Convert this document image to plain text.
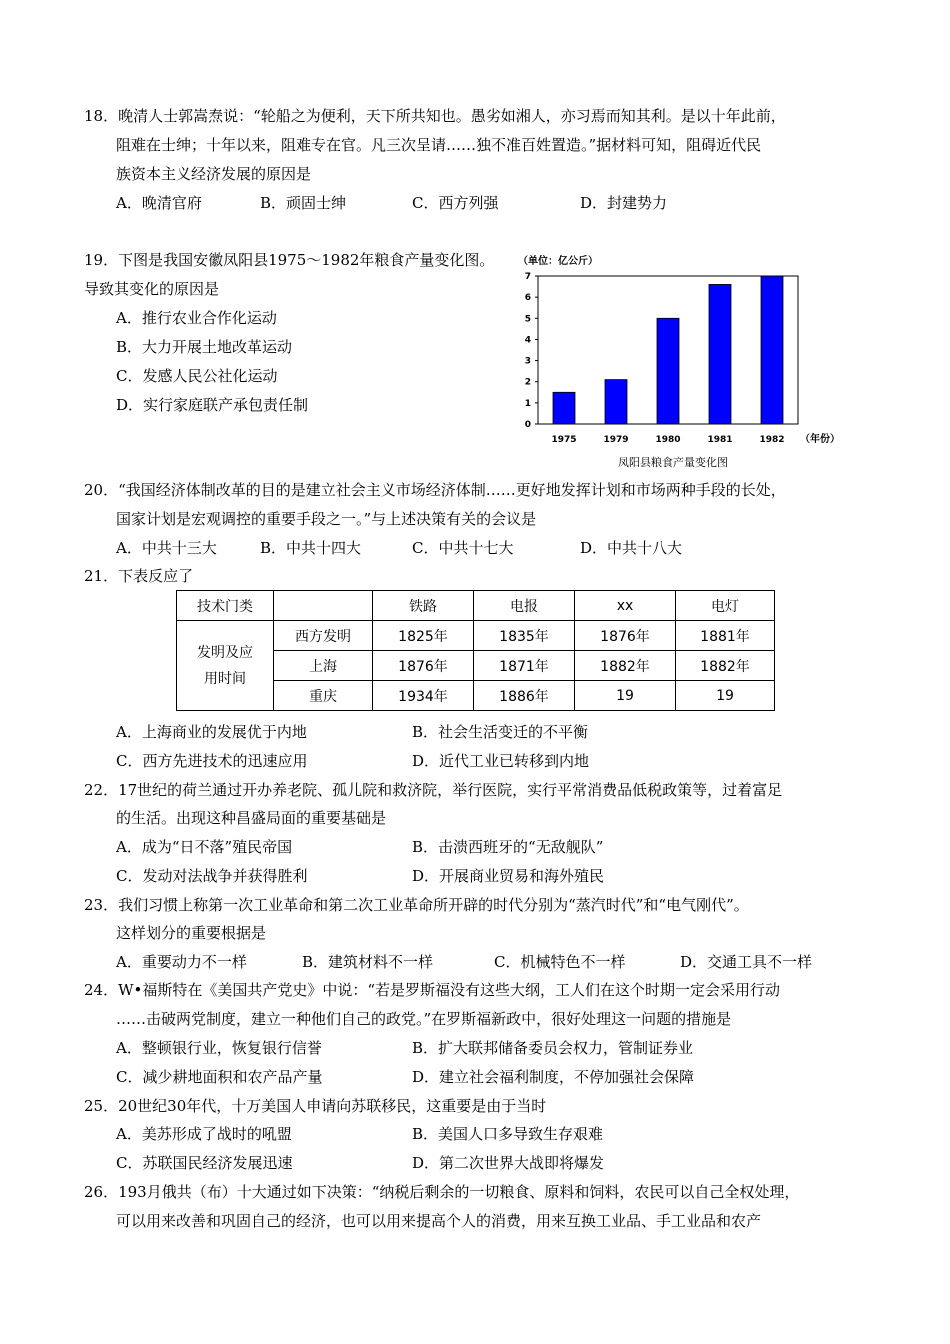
18．晚清人士郭嵩焘说：“轮船之为便利，天下所共知也。愚劣如湘人，亦习焉而知其利。是以十年此前，
阻难在士绅；十年以来，阻难专在官。凡三次呈请……独不准百姓置造。”据材料可知，阻碍近代民
族资本主义经济发展的原因是
A．晚清官府	B．顽固士绅	C．西方列强	D．封建势力
19．下图是我国安徽凤阳县1975～1982年粮食产量变化图。
导致其变化的原因是
A．推行农业合作化运动
B．大力开展土地改革运动
C．发感人民公社化运动
D．实行家庭联产承包责任制
（单位：亿公斤）
0
1
2
3
4
5
6
7
1975	1979	1980	1981	1982 （年份）
凤阳县粮食产量变化图
20．“我国经济体制改革的目的是建立社会主义市场经济体制……更好地发挥计划和市场两种手段的长处，
国家计划是宏观调控的重要手段之一。”与上述决策有关的会议是
A．中共十三大	B．中共十四大	C．中共十七大	D．中共十八大
21．下表反应了
技术门类		铁路	电报	xx	电灯
发明及应用时间	西方发明	1825年	1835年	1876年	1881年
	上海	1876年	1871年	1882年	1882年
	重庆	1934年	1886年	19	19
A．上海商业的发展优于内地	B．社会生活变迁的不平衡
C．西方先进技术的迅速应用	D．近代工业已转移到内地
22．17世纪的荷兰通过开办养老院、孤儿院和救济院，举行医院，实行平常消费品低税政策等，过着富足
的生活。出现这种昌盛局面的重要基础是
A．成为“日不落”殖民帝国	B．击溃西班牙的“无敌舰队”
C．发动对法战争并获得胜利	D．开展商业贸易和海外殖民
23．我们习惯上称第一次工业革命和第二次工业革命所开辟的时代分别为“蒸汽时代”和“电气刚代”。
这样划分的重要根据是
A．重要动力不一样	B．建筑材料不一样	C．机械特色不一样	D．交通工具不一样
24．W•福斯特在《美国共产党史》中说：“若是罗斯福没有这些大纲，工人们在这个时期一定会采用行动
……击破两党制度，建立一种他们自己的政党。”在罗斯福新政中，很好处理这一问题的措施是
A．整顿银行业，恢复银行信誉	B．扩大联邦储备委员会权力，管制证券业
C．减少耕地面积和农产品产量	D．建立社会福利制度，不停加强社会保障
25．20世纪30年代，十万美国人申请向苏联移民，这重要是由于当时
A．美苏形成了战时的吼盟	B．美国人口多导致生存艰难
C．苏联国民经济发展迅速	D．第二次世界大战即将爆发
26．193月俄共（布）十大通过如下决策：“纳税后剩余的一切粮食、原料和饲料，农民可以自己全权处理，
可以用来改善和巩固自己的经济，也可以用来提高个人的消费，用来互换工业品、手工业品和农产
